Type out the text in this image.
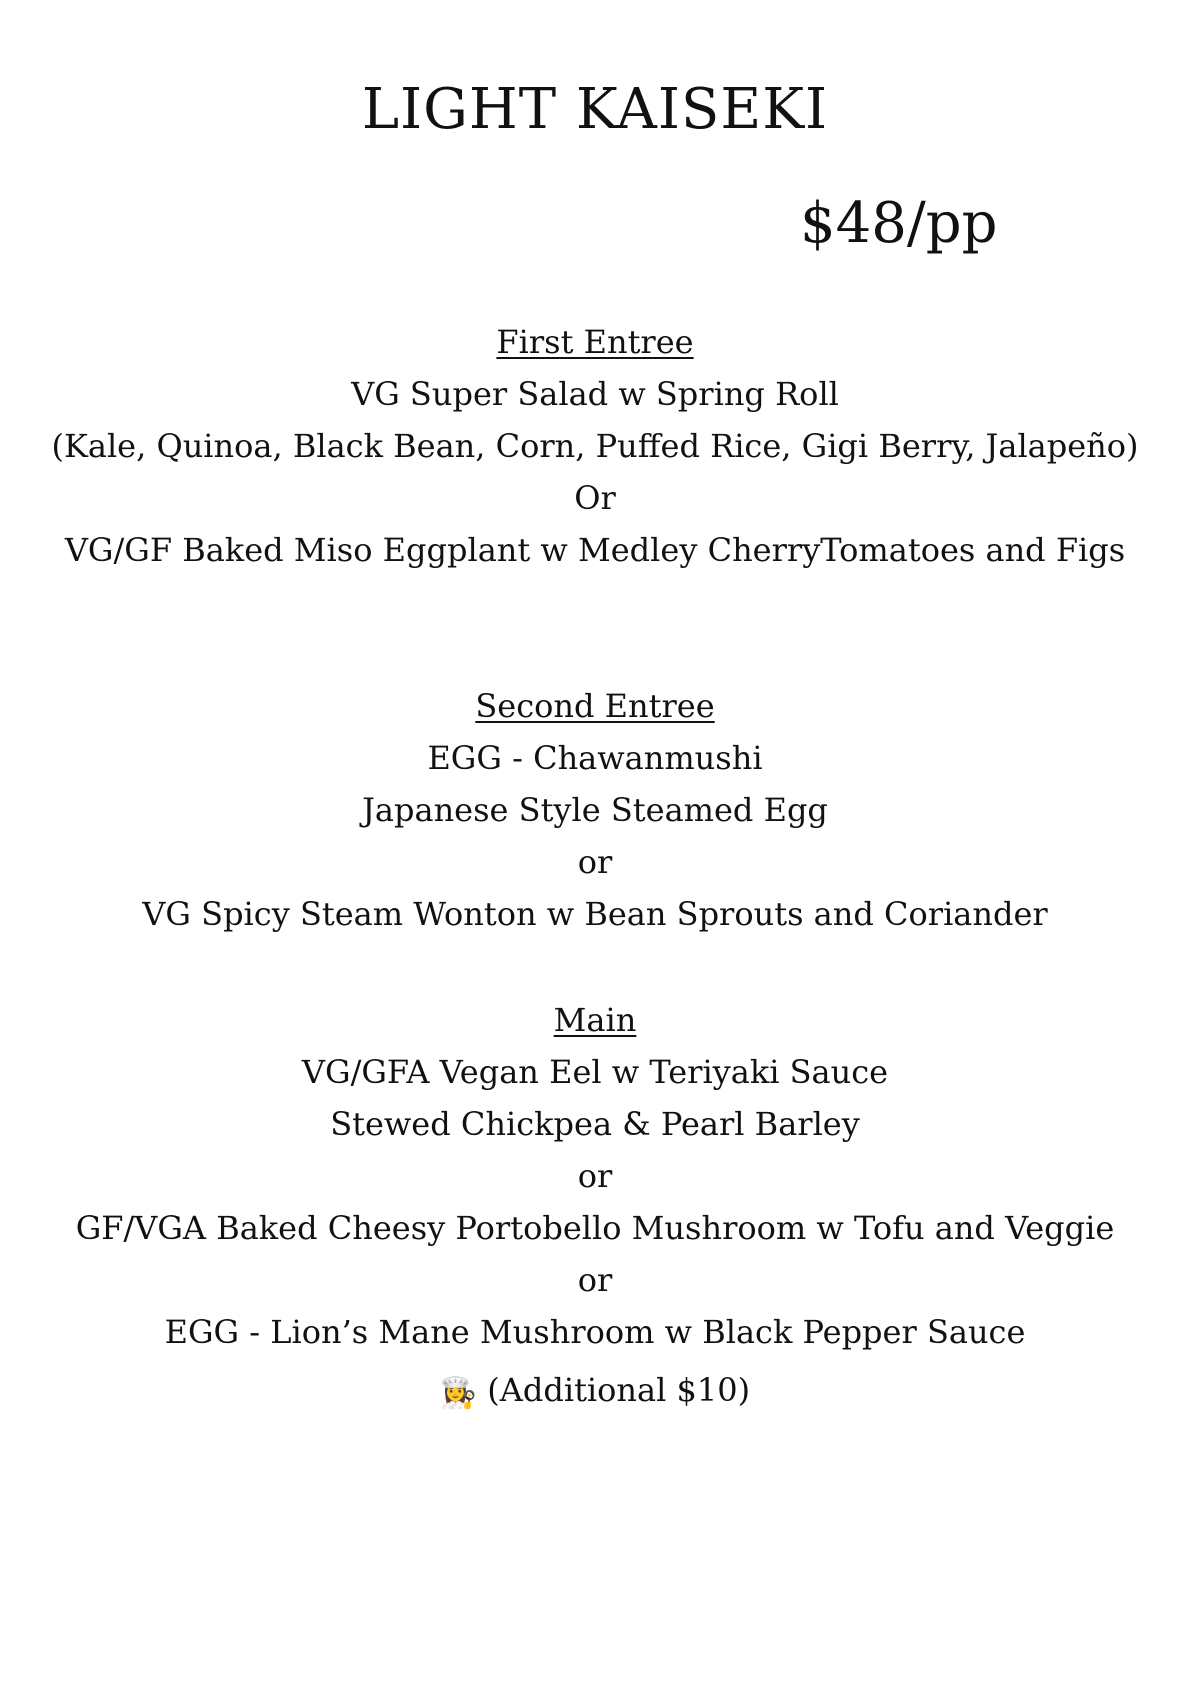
LIGHT KAISEKI
$48/pp
First Entree
VG Super Salad w Spring Roll
(Kale, Quinoa, Black Bean, Corn, Puffed Rice, Gigi Berry, Jalapeño)
Or
VG/GF Baked Miso Eggplant w Medley CherryTomatoes and Figs
Second Entree
EGG - Chawanmushi
Japanese Style Steamed Egg
or
VG Spicy Steam Wonton w Bean Sprouts and Coriander
Main
VG/GFA Vegan Eel w Teriyaki Sauce
Stewed Chickpea & Pearl Barley
or
GF/VGA Baked Cheesy Portobello Mushroom w Tofu and Veggie
or
EGG - Lion’s Mane Mushroom w Black Pepper Sauce
👩‍🍳 (Additional $10)
